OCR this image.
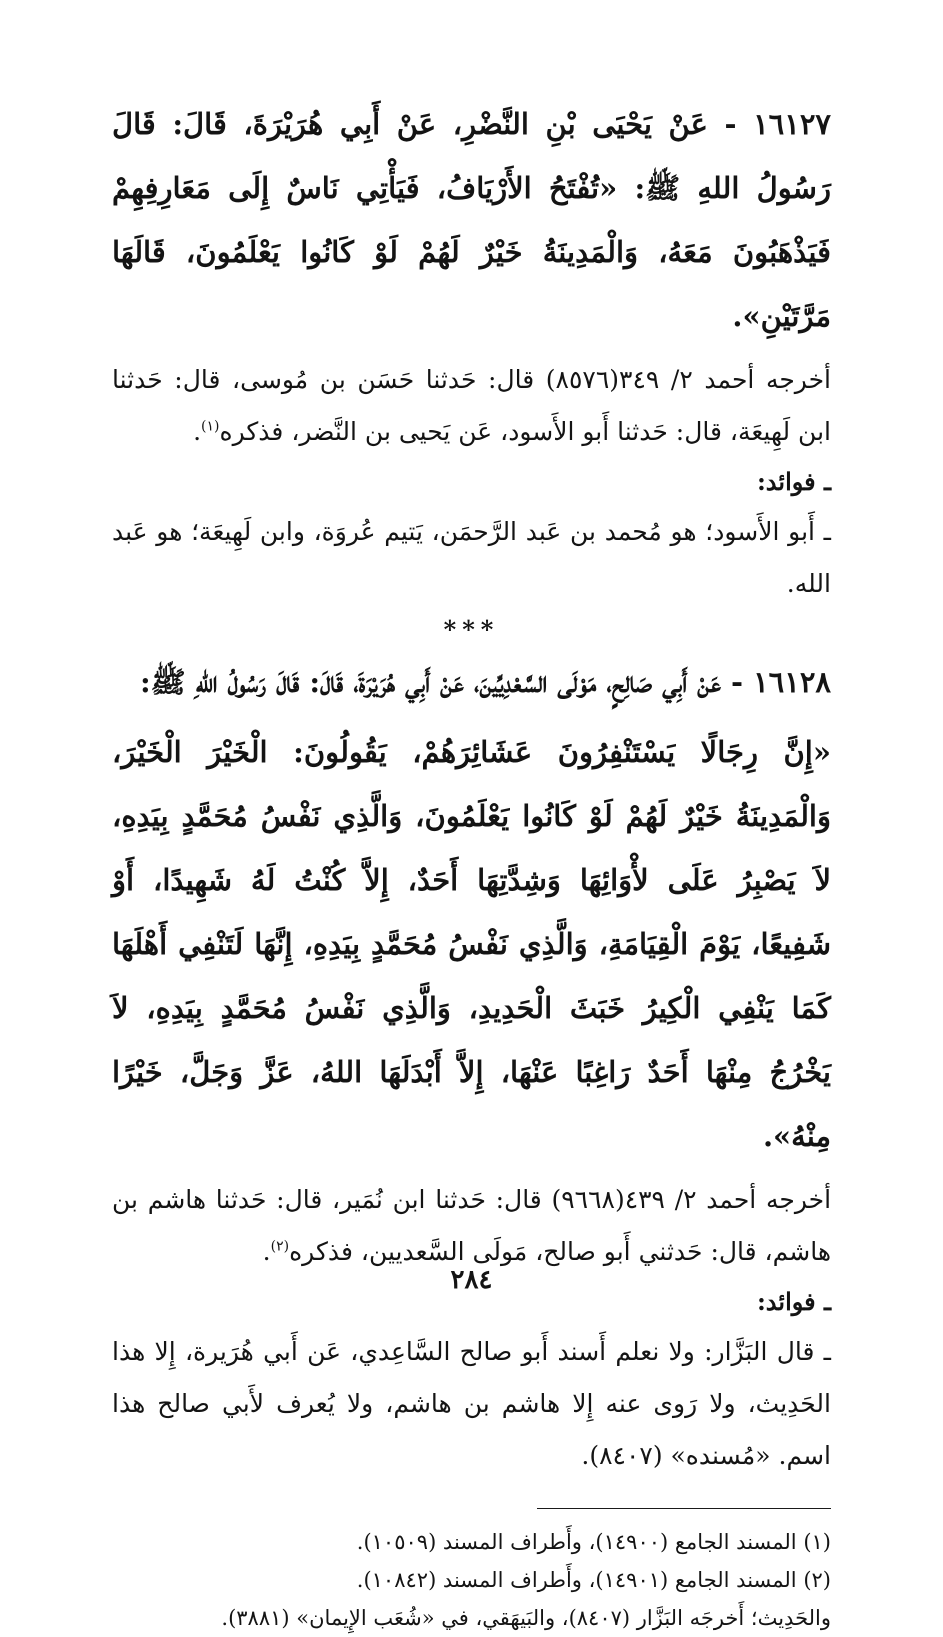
١٦١٢٧ - عَنْ يَحْيَى بْنِ النَّضْرِ، عَنْ أَبِي هُرَيْرَةَ، قَالَ: قَالَ رَسُولُ اللهِ ﷺ: «تُفْتَحُ الأَرْيَافُ، فَيَأْتِي نَاسٌ إِلَى مَعَارِفِهِمْ فَيَذْهَبُونَ مَعَهُ، وَالْمَدِينَةُ خَيْرٌ لَهُمْ لَوْ كَانُوا يَعْلَمُونَ، قَالَهَا مَرَّتَيْنِ».

أخرجه أحمد ٢/ ٣٤٩(٨٥٧٦) قال: حَدثنا حَسَن بن مُوسى، قال: حَدثنا ابن لَهِيعَة، قال: حَدثنا أَبو الأَسود، عَن يَحيى بن النَّضر، فذكره$^{(١)}$.

ـ فوائد:

ـ أَبو الأَسود؛ هو مُحمد بن عَبد الرَّحمَن، يَتيم عُروَة، وابن لَهِيعَة؛ هو عَبد الله.

***

١٦١٢٨ - عَنْ أَبِي صَالِحٍ، مَوْلَى السَّعْدِيِّينَ، عَنْ أَبِي هُرَيْرَةَ، قَالَ: قَالَ رَسُولُ اللهِ ﷺ:

«إِنَّ رِجَالًا يَسْتَنْفِرُونَ عَشَائِرَهُمْ، يَقُولُونَ: الْخَيْرَ الْخَيْرَ، وَالْمَدِينَةُ خَيْرٌ لَهُمْ لَوْ كَانُوا يَعْلَمُونَ، وَالَّذِي نَفْسُ مُحَمَّدٍ بِيَدِهِ، لاَ يَصْبِرُ عَلَى لأْوَائِهَا وَشِدَّتِهَا أَحَدٌ، إِلاَّ كُنْتُ لَهُ شَهِيدًا، أَوْ شَفِيعًا، يَوْمَ الْقِيَامَةِ، وَالَّذِي نَفْسُ مُحَمَّدٍ بِيَدِهِ، إِنَّهَا لَتَنْفِي أَهْلَهَا كَمَا يَنْفِي الْكِيرُ خَبَثَ الْحَدِيدِ، وَالَّذِي نَفْسُ مُحَمَّدٍ بِيَدِهِ، لاَ يَخْرُجُ مِنْهَا أَحَدٌ رَاغِبًا عَنْهَا، إِلاَّ أَبْدَلَهَا اللهُ، عَزَّ وَجَلَّ، خَيْرًا مِنْهُ».

أخرجه أحمد ٢/ ٤٣٩(٩٦٦٨) قال: حَدثنا ابن نُمَير، قال: حَدثنا هاشم بن هاشم، قال: حَدثني أَبو صالح، مَولَى السَّعديين، فذكره$^{(٢)}$.

ـ فوائد:

ـ قال البَزَّار: ولا نعلم أَسند أَبو صالح السَّاعِدي، عَن أَبي هُرَيرة، إِلا هذا الحَدِيث، ولا رَوى عنه إِلا هاشم بن هاشم، ولا يُعرف لأَبي صالح هذا اسم. «مُسنده» (٨٤٠٧).

(١) المسند الجامع (١٤٩٠٠)، وأَطراف المسند (١٠٥٠٩).

(٢) المسند الجامع (١٤٩٠١)، وأَطراف المسند (١٠٨٤٢).

والحَدِيث؛ أَخرجَه البَزَّار (٨٤٠٧)، والبَيهَقي، في «شُعَب الإِيمان» (٣٨٨١).

٢٨٤
